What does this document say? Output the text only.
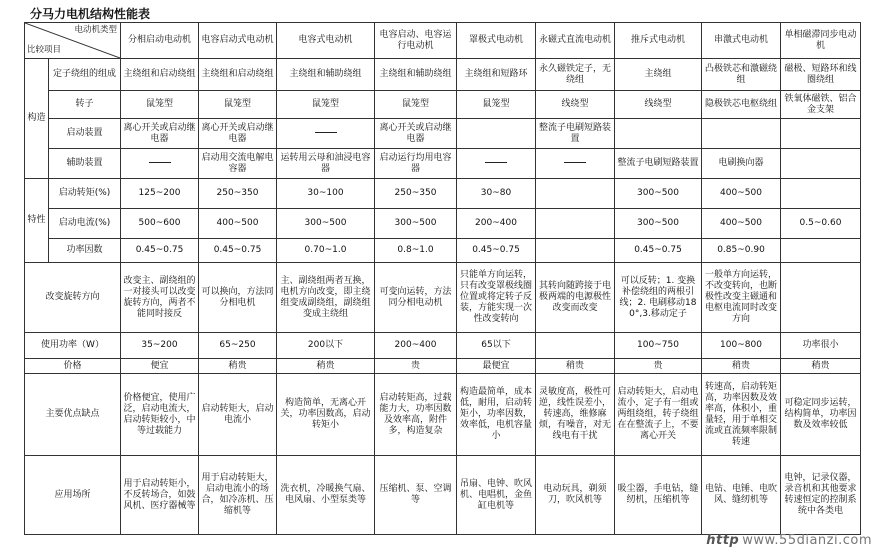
分马力电机结构性能表
电动机类型
比较项目		分相启动电动机	电容启动式电动机	电容式电动机	电容启动、电容运行电动机	罩极式电动机	永磁式直流电动机	推斥式电动机	串激式电动机	单相磁滞同步电动机
构造	定子绕组的组成	主绕组和启动绕组	主绕组和启动绕组	主绕组和辅助绕组	主绕组和辅助绕组	主绕组和短路环	永久磁铁定子，无绕组	主绕组	凸极铁芯和激磁绕组	磁极、短路环和线圈绕组
	转子	鼠笼型	鼠笼型	鼠笼型	鼠笼型	鼠笼型	线绕型	线绕型	隐极铁芯电枢绕组	铁氧体磁铁、铝合金支架
	启动装置	离心开关或启动继电器	离心开关或启动继电器		离心开关或启动继电器		整流子电刷短路装置			
	辅助装置		启动用交流电解电容器	运转用云母和油浸电容器	启动运行均用电容器			整流子电刷短路装置	电刷换向器	
特性	启动转矩(%)	125~200	250~350	30~100	250~350	30~80		300~500	400~500	
	启动电流(%)	500~600	400~500	300~500	300~500	200~400		300~500	400~500	0.5~0.60
	功率因数	0.45~0.75	0.45~0.75	0.70~1.0	0.8~1.0	0.45~0.75		0.45~0.75	0.85~0.90	
改变旋转方向		改变主、副绕组的一对接头可以改变旋转方向，两者不能同时接反	可以换向，方法同分相电机	主、副绕组两者互换，电机方向改变，即主绕组变成副绕组，副绕组变成主绕组	可变向运转，方法同分相电动机	只能单方向运转，只有改变罩极线圈位置或将定转子反装，方能实现一次性改变转向	其转向随跨接于电极两端的电源极性改变而改变	可以反转；1. 变换补偿绕组的两根引线；2. 电刷移动180°,3.移动定子	一般单方向运转，不改变转向，也断极性改变主磁通和电枢电流同时改变方向	
使用功率（W）		35~200	65~250	200以下	200~400	65以下		100~750	100~800	功率很小
价格		便宜	稍贵	稍贵	贵	最便宜	稍贵	贵	稍贵	稍贵
主要优点缺点		价格便宜，使用广泛，启动电流大，启动转矩较小，中等过载能力	启动转矩大，启动电流小	构造简单，无离心开关，功率因数高，启动转矩小	启动转矩高，过载能力大，功率因数及效率高，附件多，构造复杂	构造最简单，成本低，耐用，启动转矩小，功率因数，效率低，电机容量小	灵敏度高，极性可逆，线性误差小，转速高，维修麻烦，有噪音，对无线电有干扰	启动转矩大，启动电流小，定子有一组或两组绕组，转子绕组在在整流子上，不要离心开关	转速高，启动转矩高，功率因数及效率高，体积小，重量轻，用于单相交流或直流频率限制转速	可稳定同步运转，结构简单，功率因数及效率较低
应用场所		用于启动转矩小，不反转场合，如鼓风机、医疗器械等	用于启动转矩大，启动电流小的场合，如冷冻机、压缩机等	洗衣机，冷暖换气扇、电风扇、小型泵类等	压缩机、泵、空调等	吊扇、电钟、吹风机、电唱机，金鱼缸电机等	电动玩具，剃须刀，吹风机等	吸尘器，手电钻，缝纫机，压缩机等	电钻、电锤、电吹风、缝纫机等	电钟，记录仪器，录音机和其他要求转速恒定的控制系统中各类电
http www.55dianzi.com
